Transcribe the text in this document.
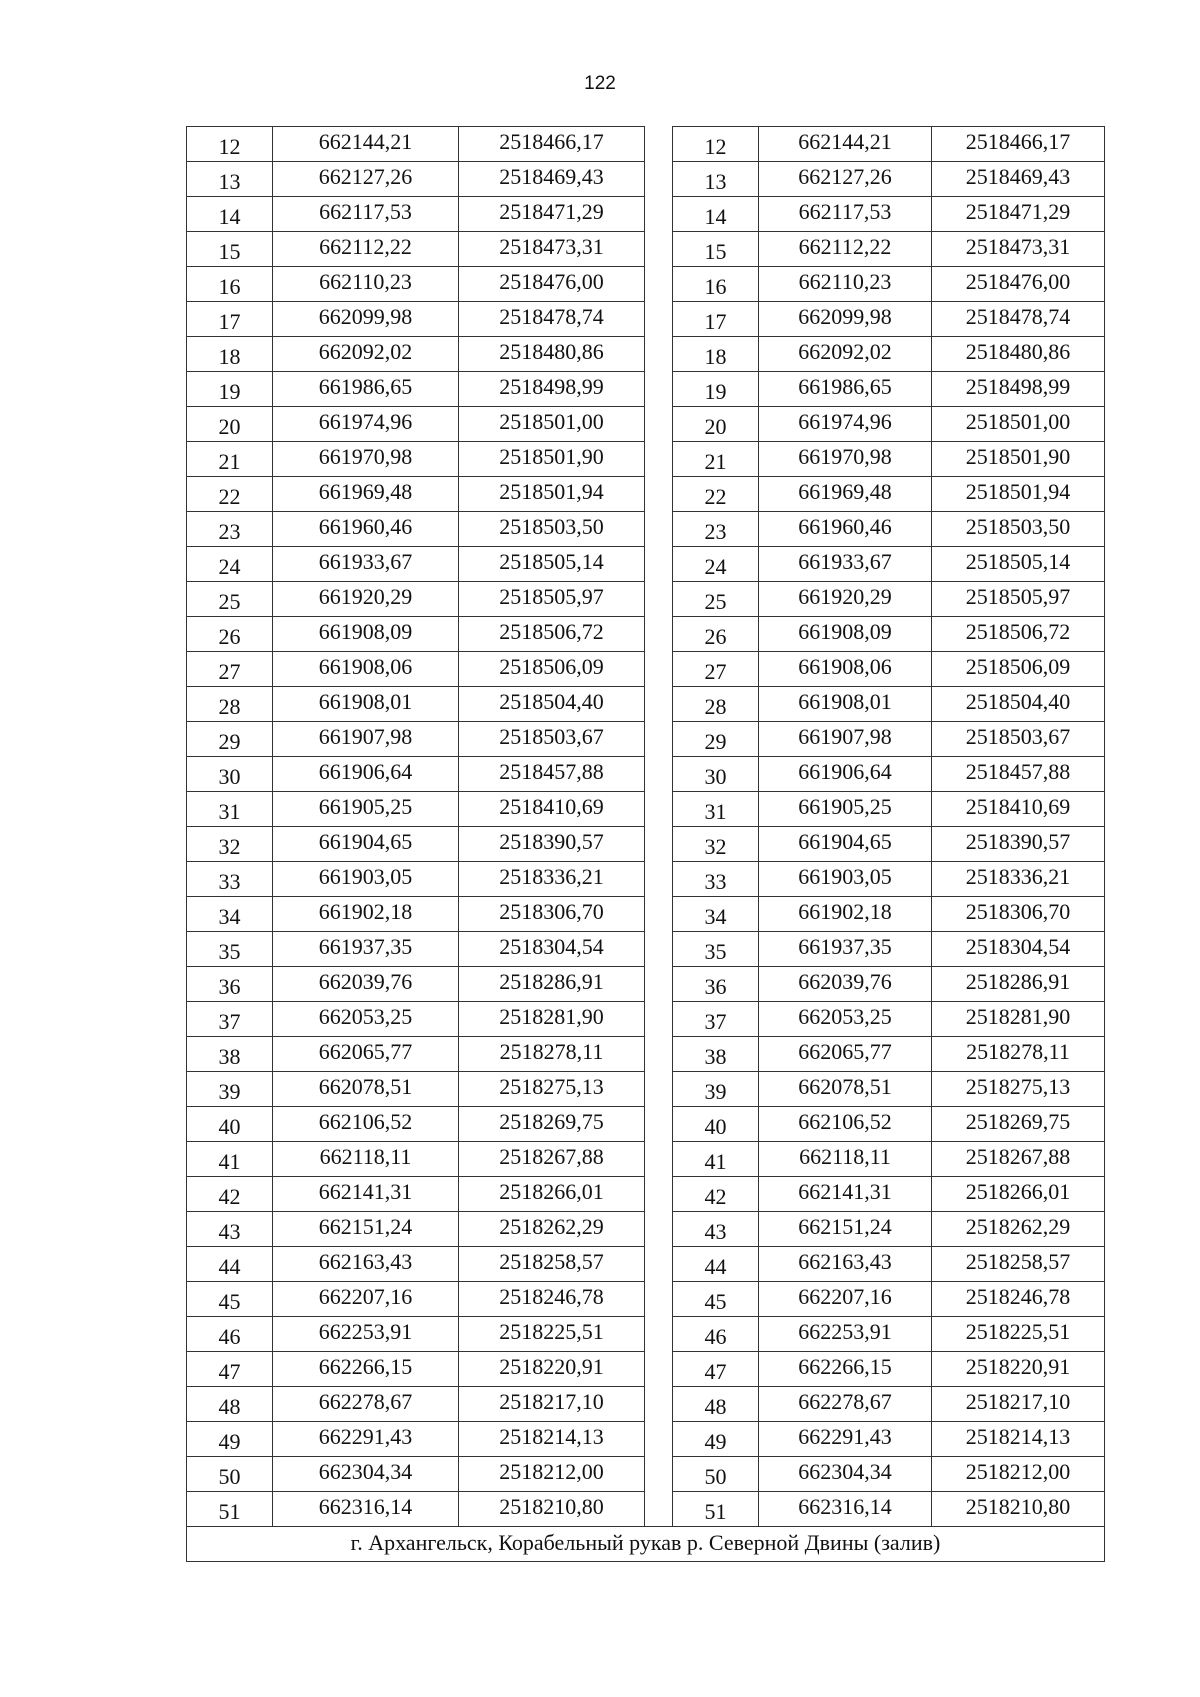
122
12	662144,21	2518466,17		12	662144,21	2518466,17
13	662127,26	2518469,43		13	662127,26	2518469,43
14	662117,53	2518471,29		14	662117,53	2518471,29
15	662112,22	2518473,31		15	662112,22	2518473,31
16	662110,23	2518476,00		16	662110,23	2518476,00
17	662099,98	2518478,74		17	662099,98	2518478,74
18	662092,02	2518480,86		18	662092,02	2518480,86
19	661986,65	2518498,99		19	661986,65	2518498,99
20	661974,96	2518501,00		20	661974,96	2518501,00
21	661970,98	2518501,90		21	661970,98	2518501,90
22	661969,48	2518501,94		22	661969,48	2518501,94
23	661960,46	2518503,50		23	661960,46	2518503,50
24	661933,67	2518505,14		24	661933,67	2518505,14
25	661920,29	2518505,97		25	661920,29	2518505,97
26	661908,09	2518506,72		26	661908,09	2518506,72
27	661908,06	2518506,09		27	661908,06	2518506,09
28	661908,01	2518504,40		28	661908,01	2518504,40
29	661907,98	2518503,67		29	661907,98	2518503,67
30	661906,64	2518457,88		30	661906,64	2518457,88
31	661905,25	2518410,69		31	661905,25	2518410,69
32	661904,65	2518390,57		32	661904,65	2518390,57
33	661903,05	2518336,21		33	661903,05	2518336,21
34	661902,18	2518306,70		34	661902,18	2518306,70
35	661937,35	2518304,54		35	661937,35	2518304,54
36	662039,76	2518286,91		36	662039,76	2518286,91
37	662053,25	2518281,90		37	662053,25	2518281,90
38	662065,77	2518278,11		38	662065,77	2518278,11
39	662078,51	2518275,13		39	662078,51	2518275,13
40	662106,52	2518269,75		40	662106,52	2518269,75
41	662118,11	2518267,88		41	662118,11	2518267,88
42	662141,31	2518266,01		42	662141,31	2518266,01
43	662151,24	2518262,29		43	662151,24	2518262,29
44	662163,43	2518258,57		44	662163,43	2518258,57
45	662207,16	2518246,78		45	662207,16	2518246,78
46	662253,91	2518225,51		46	662253,91	2518225,51
47	662266,15	2518220,91		47	662266,15	2518220,91
48	662278,67	2518217,10		48	662278,67	2518217,10
49	662291,43	2518214,13		49	662291,43	2518214,13
50	662304,34	2518212,00		50	662304,34	2518212,00
51	662316,14	2518210,80		51	662316,14	2518210,80
г. Архангельск, Корабельный рукав р. Северной Двины (залив)						
